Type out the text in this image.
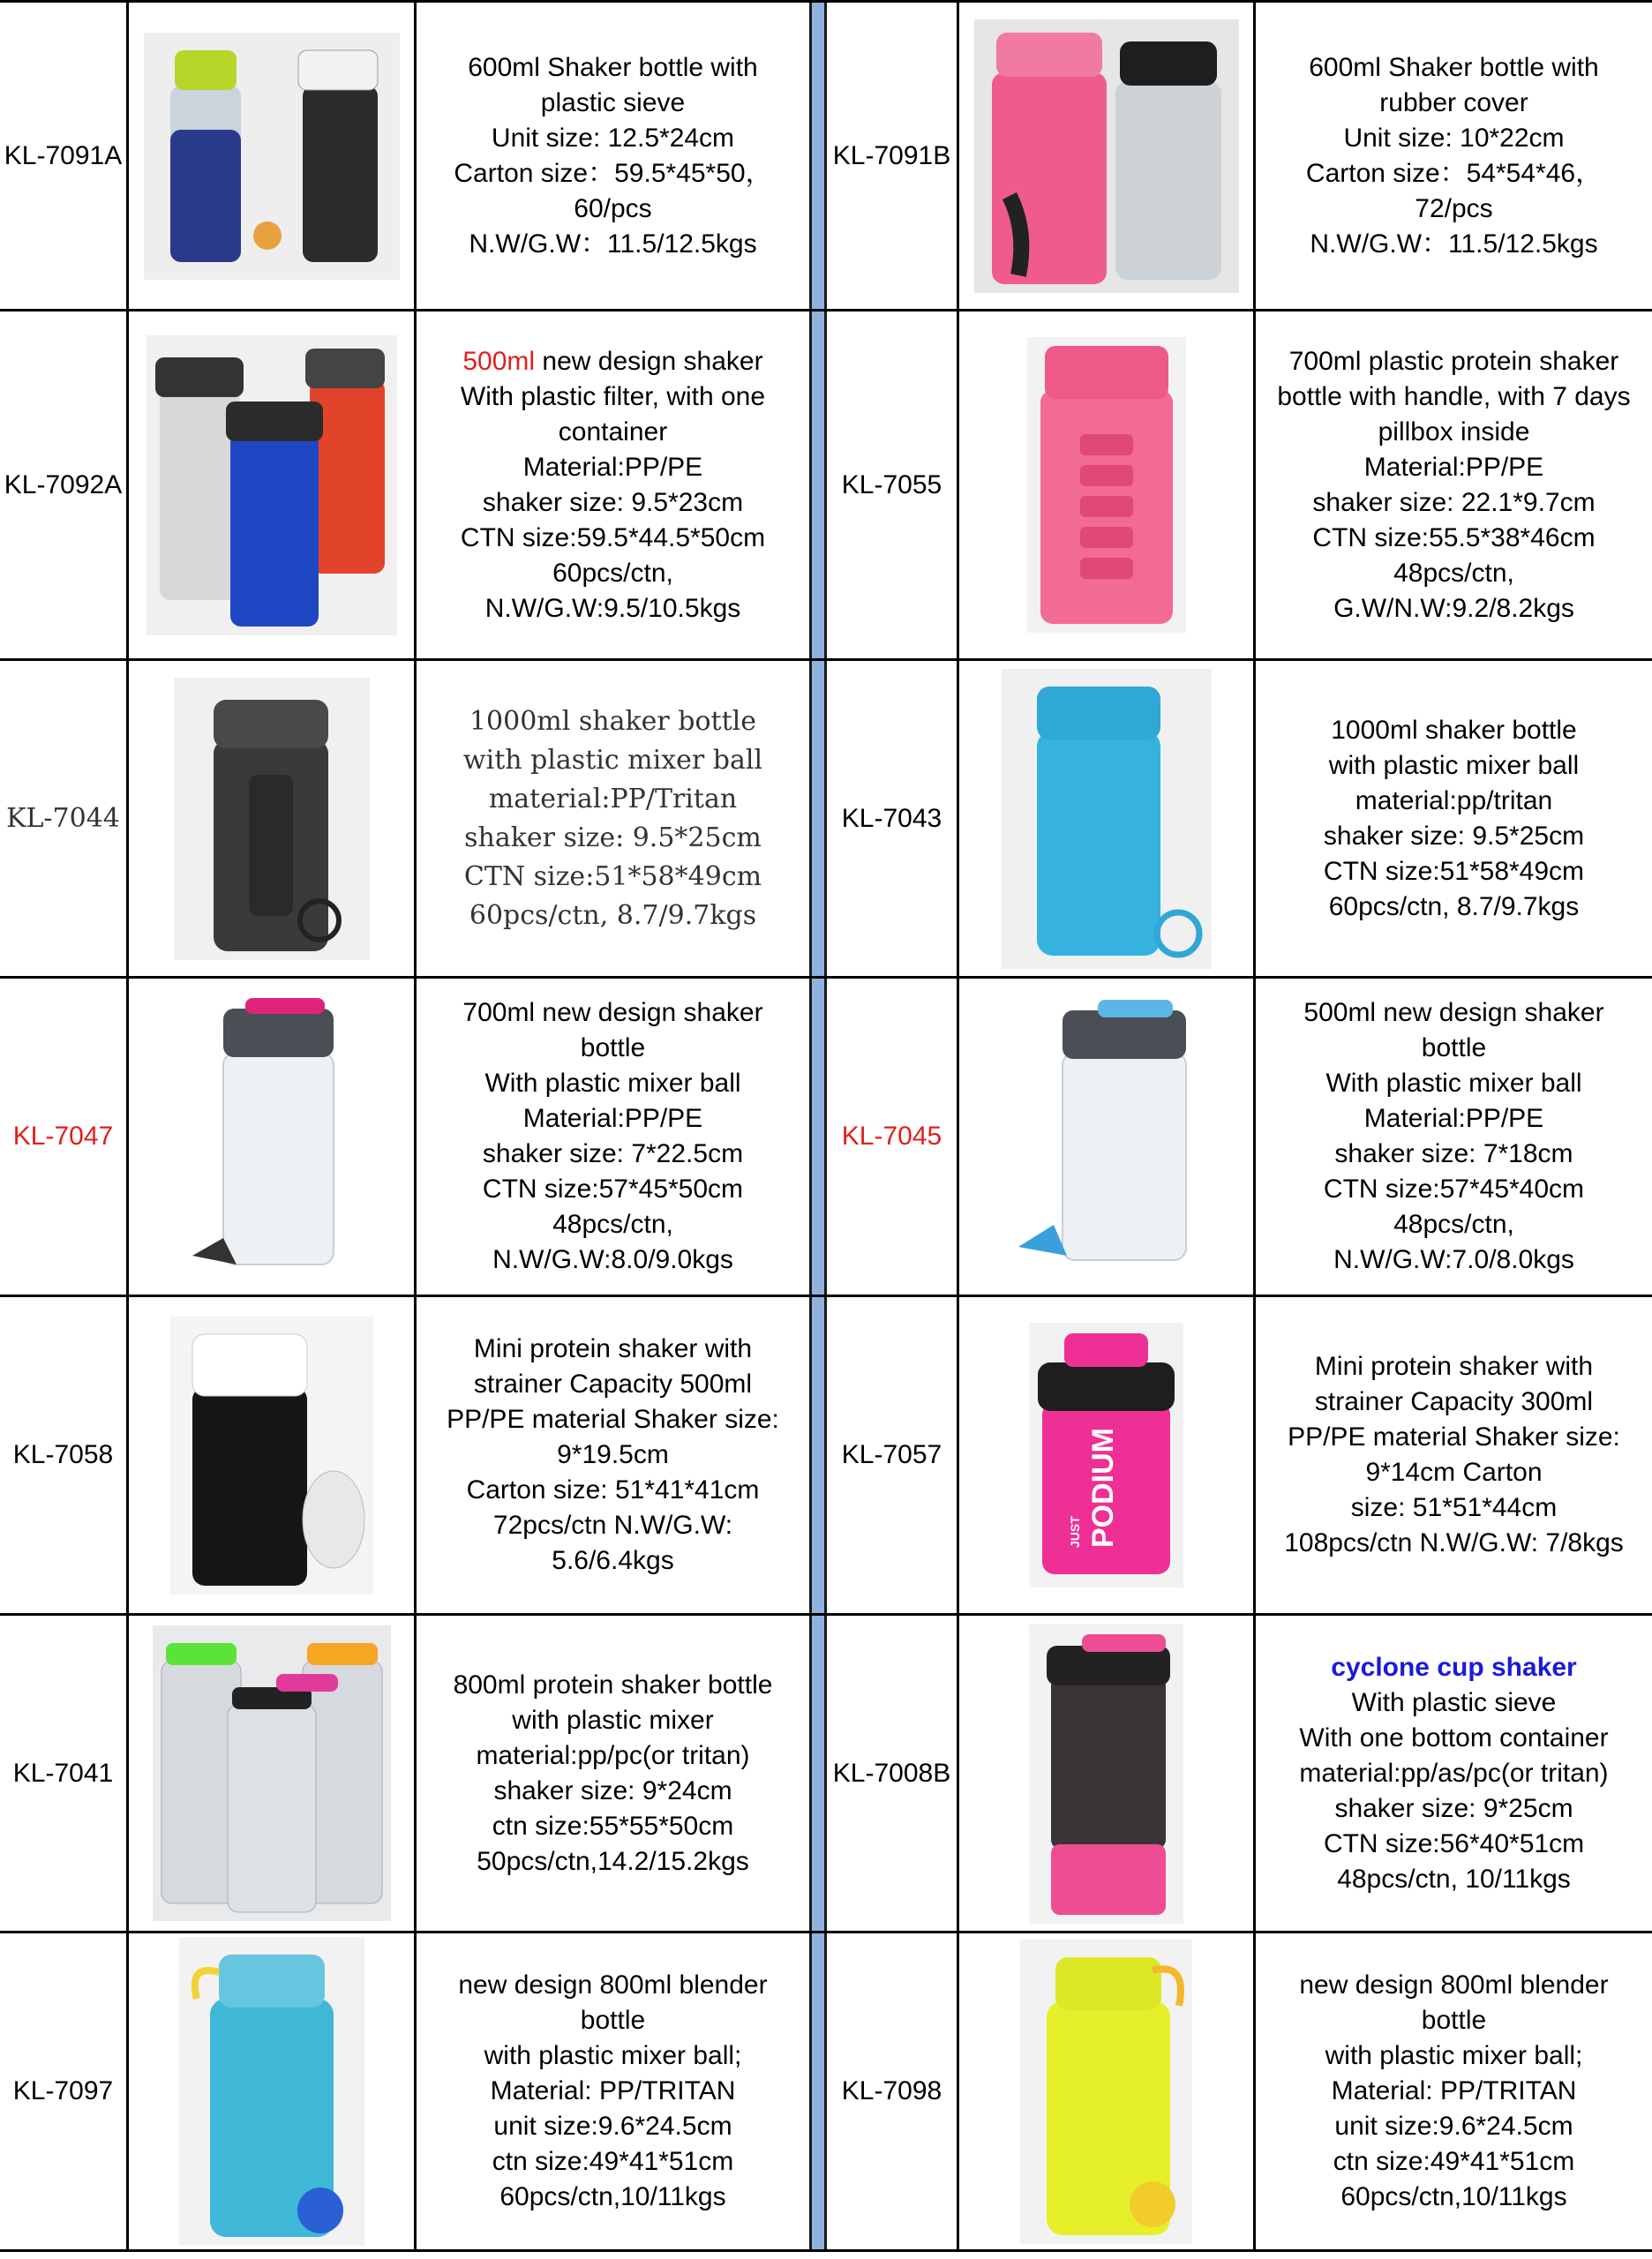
KL-7091A
600ml Shaker bottle with
plastic sieve
Unit size: 12.5*24cm
Carton size：59.5*45*50，
60/pcs
N.W/G.W：11.5/12.5kgs
KL-7091B
600ml Shaker bottle with
rubber cover
Unit size: 10*22cm
Carton size：54*54*46，
72/pcs
N.W/G.W：11.5/12.5kgs
KL-7092A
500ml new design shaker
With plastic filter, with one
container
Material:PP/PE
shaker size: 9.5*23cm
CTN size:59.5*44.5*50cm
60pcs/ctn,
N.W/G.W:9.5/10.5kgs
KL-7055
700ml plastic protein shaker
bottle with handle, with 7 days
pillbox inside
Material:PP/PE
shaker size: 22.1*9.7cm
CTN size:55.5*38*46cm
48pcs/ctn,
G.W/N.W:9.2/8.2kgs
KL-7044
1000ml shaker bottle
with plastic mixer ball
material:PP/Tritan
shaker size: 9.5*25cm
CTN size:51*58*49cm
60pcs/ctn, 8.7/9.7kgs
KL-7043
1000ml shaker bottle
with plastic mixer ball
material:pp/tritan
shaker size: 9.5*25cm
CTN size:51*58*49cm
60pcs/ctn, 8.7/9.7kgs
KL-7047
700ml new design shaker
bottle
With plastic mixer ball
Material:PP/PE
shaker size: 7*22.5cm
CTN size:57*45*50cm
48pcs/ctn,
N.W/G.W:8.0/9.0kgs
KL-7045
500ml new design shaker
bottle
With plastic mixer ball
Material:PP/PE
shaker size: 7*18cm
CTN size:57*45*40cm
48pcs/ctn,
N.W/G.W:7.0/8.0kgs
KL-7058
Mini protein shaker with
strainer Capacity 500ml
PP/PE material Shaker size:
9*19.5cm
Carton size: 51*41*41cm
72pcs/ctn N.W/G.W:
5.6/6.4kgs
KL-7057	PODIUM
JUST
Mini protein shaker with
strainer Capacity 300ml
PP/PE material Shaker size:
9*14cm Carton
size: 51*51*44cm
108pcs/ctn N.W/G.W: 7/8kgs
KL-7041
800ml protein shaker bottle
with plastic mixer
material:pp/pc(or tritan)
shaker size: 9*24cm
ctn size:55*55*50cm
50pcs/ctn,14.2/15.2kgs
KL-7008B
cyclone cup shaker
With plastic sieve
With one bottom container
material:pp/as/pc(or tritan)
shaker size: 9*25cm
CTN size:56*40*51cm
48pcs/ctn, 10/11kgs
KL-7097
new design 800ml blender
bottle
with plastic mixer ball;
Material: PP/TRITAN
unit size:9.6*24.5cm
ctn size:49*41*51cm
60pcs/ctn,10/11kgs
KL-7098
new design 800ml blender
bottle
with plastic mixer ball;
Material: PP/TRITAN
unit size:9.6*24.5cm
ctn size:49*41*51cm
60pcs/ctn,10/11kgs
